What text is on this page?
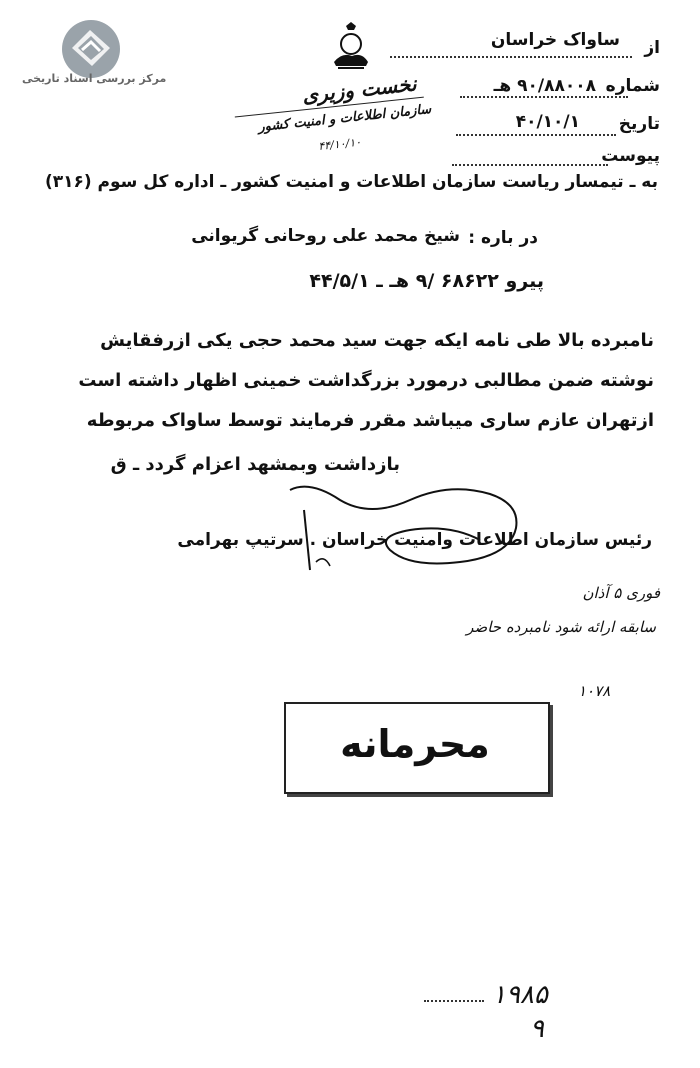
مرکز بررسی اسناد تاریخی
از
ساواک خراسان
شماره
۹۰/۸۸۰۰۸ هـ
تاریخ
۴۰/۱۰/۱
پیوست
نخست وزیری
سازمان اطلاعات و امنیت کشور
۴۴/۱۰/۱۰
به ـ تیمسار ریاست سازمان اطلاعات و امنیت کشور ـ اداره کل سوم (۳۱۶)
در باره :
شیخ محمد علی روحانی گریوانی
پیرو ۶۸۶۲۲ /۹ هـ ـ ۴۴/۵/۱
نامبرده بالا طی نامه ایکه جهت سید محمد حجی یکی ازرفقایش
نوشته ضمن مطالبی درمورد بزرگداشت خمینی اظهار داشته است
ازتهران عازم ساری میباشد مقرر فرمایند توسط ساواک مربوطه
بازداشت وبمشهد اعزام گردد ـ ق
رئیس سازمان اطلاعات وامنیت خراسان . سرتیپ بهرامی
فوری ۵ آذان
سابقه ارائه شود نامبرده حاضر
۱۰۷۸
محرمانه
۱۹۸۵
۹
